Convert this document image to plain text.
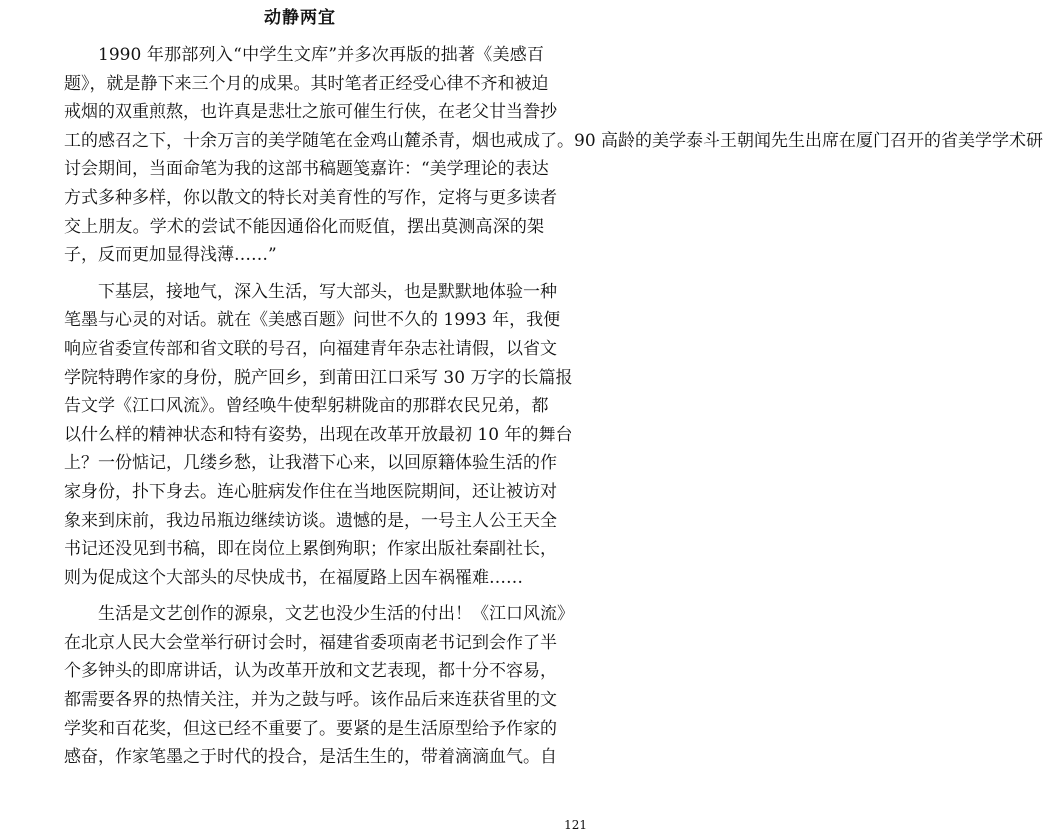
动静两宜
1990 年那部列入“中学生文库”并多次再版的拙著《美感百
题》，就是静下来三个月的成果。其时笔者正经受心律不齐和被迫
戒烟的双重煎熬，也许真是悲壮之旅可催生行侠，在老父甘当誊抄
工的感召之下，十余万言的美学随笔在金鸡山麓杀青，烟也戒成了。90 高龄的美学泰斗王朝闻先生出席在厦门召开的省美学学术研
讨会期间，当面命笔为我的这部书稿题笺嘉许：“美学理论的表达
方式多种多样，你以散文的特长对美育性的写作，定将与更多读者
交上朋友。学术的尝试不能因通俗化而贬值，摆出莫测高深的架
子，反而更加显得浅薄……”
下基层，接地气，深入生活，写大部头，也是默默地体验一种
笔墨与心灵的对话。就在《美感百题》问世不久的 1993 年，我便
响应省委宣传部和省文联的号召，向福建青年杂志社请假，以省文
学院特聘作家的身份，脱产回乡，到莆田江口采写 30 万字的长篇报
告文学《江口风流》。曾经唤牛使犁躬耕陇亩的那群农民兄弟，都
以什么样的精神状态和特有姿势，出现在改革开放最初 10 年的舞台
上？一份惦记，几缕乡愁，让我潜下心来，以回原籍体验生活的作
家身份，扑下身去。连心脏病发作住在当地医院期间，还让被访对
象来到床前，我边吊瓶边继续访谈。遗憾的是，一号主人公王天全
书记还没见到书稿，即在岗位上累倒殉职；作家出版社秦副社长，
则为促成这个大部头的尽快成书，在福厦路上因车祸罹难……
生活是文艺创作的源泉，文艺也没少生活的付出！《江口风流》
在北京人民大会堂举行研讨会时，福建省委项南老书记到会作了半
个多钟头的即席讲话，认为改革开放和文艺表现，都十分不容易，
都需要各界的热情关注，并为之鼓与呼。该作品后来连获省里的文
学奖和百花奖，但这已经不重要了。要紧的是生活原型给予作家的
感奋，作家笔墨之于时代的投合，是活生生的，带着滴滴血气。自
121
